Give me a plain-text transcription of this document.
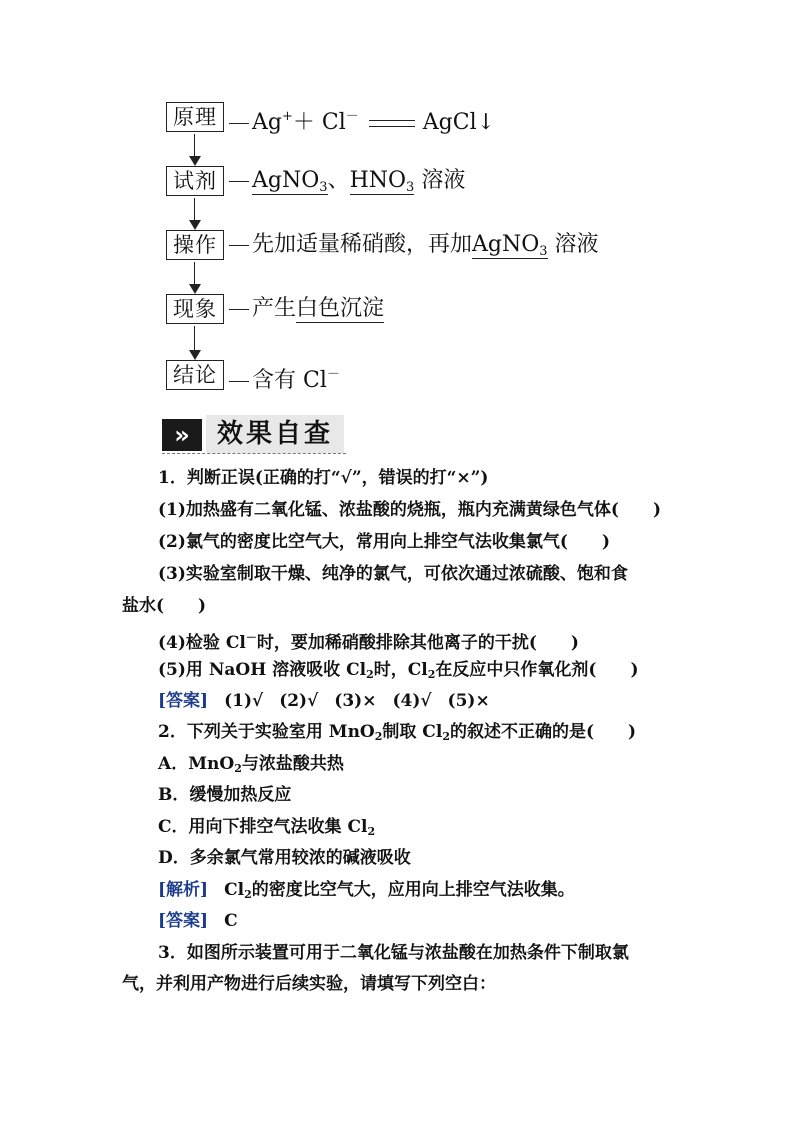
原理	Ag+＋ Cl－	AgCl↓
试剂	AgNO$_3$、$HNO_3$ 溶液
操作	先加适量稀硝酸，再加AgNO$_3$ 溶液
现象	产生白色沉淀
结论	含有 Cl－
»	效果自查
1．判断正误(正确的打“√”，错误的打“×”)
(1)加热盛有二氧化锰、浓盐酸的烧瓶，瓶内充满黄绿色气体(　　)
(2)氯气的密度比空气大，常用向上排空气法收集氯气(　　)
(3)实验室制取干燥、纯净的氯气，可依次通过浓硫酸、饱和食
盐水(　　)
(4)检验 Cl－时，要加稀硝酸排除其他离子的干扰(　　)
(5)用 NaOH 溶液吸收 $Cl_2$时，$Cl_2$在反应中只作氧化剂(　　)
[答案] (1)√ (2)√ (3)× (4)√ (5)×
2．下列关于实验室用 MnO$_2$制取 $Cl_2$的叙述不正确的是(　　)
A．MnO$_2$与浓盐酸共热
B．缓慢加热反应
C．用向下排空气法收集 $Cl_2$
D．多余氯气常用较浓的碱液吸收
[解析] $Cl_2$的密度比空气大，应用向上排空气法收集。
[答案] C
3．如图所示装置可用于二氧化锰与浓盐酸在加热条件下制取氯
气，并利用产物进行后续实验，请填写下列空白：
